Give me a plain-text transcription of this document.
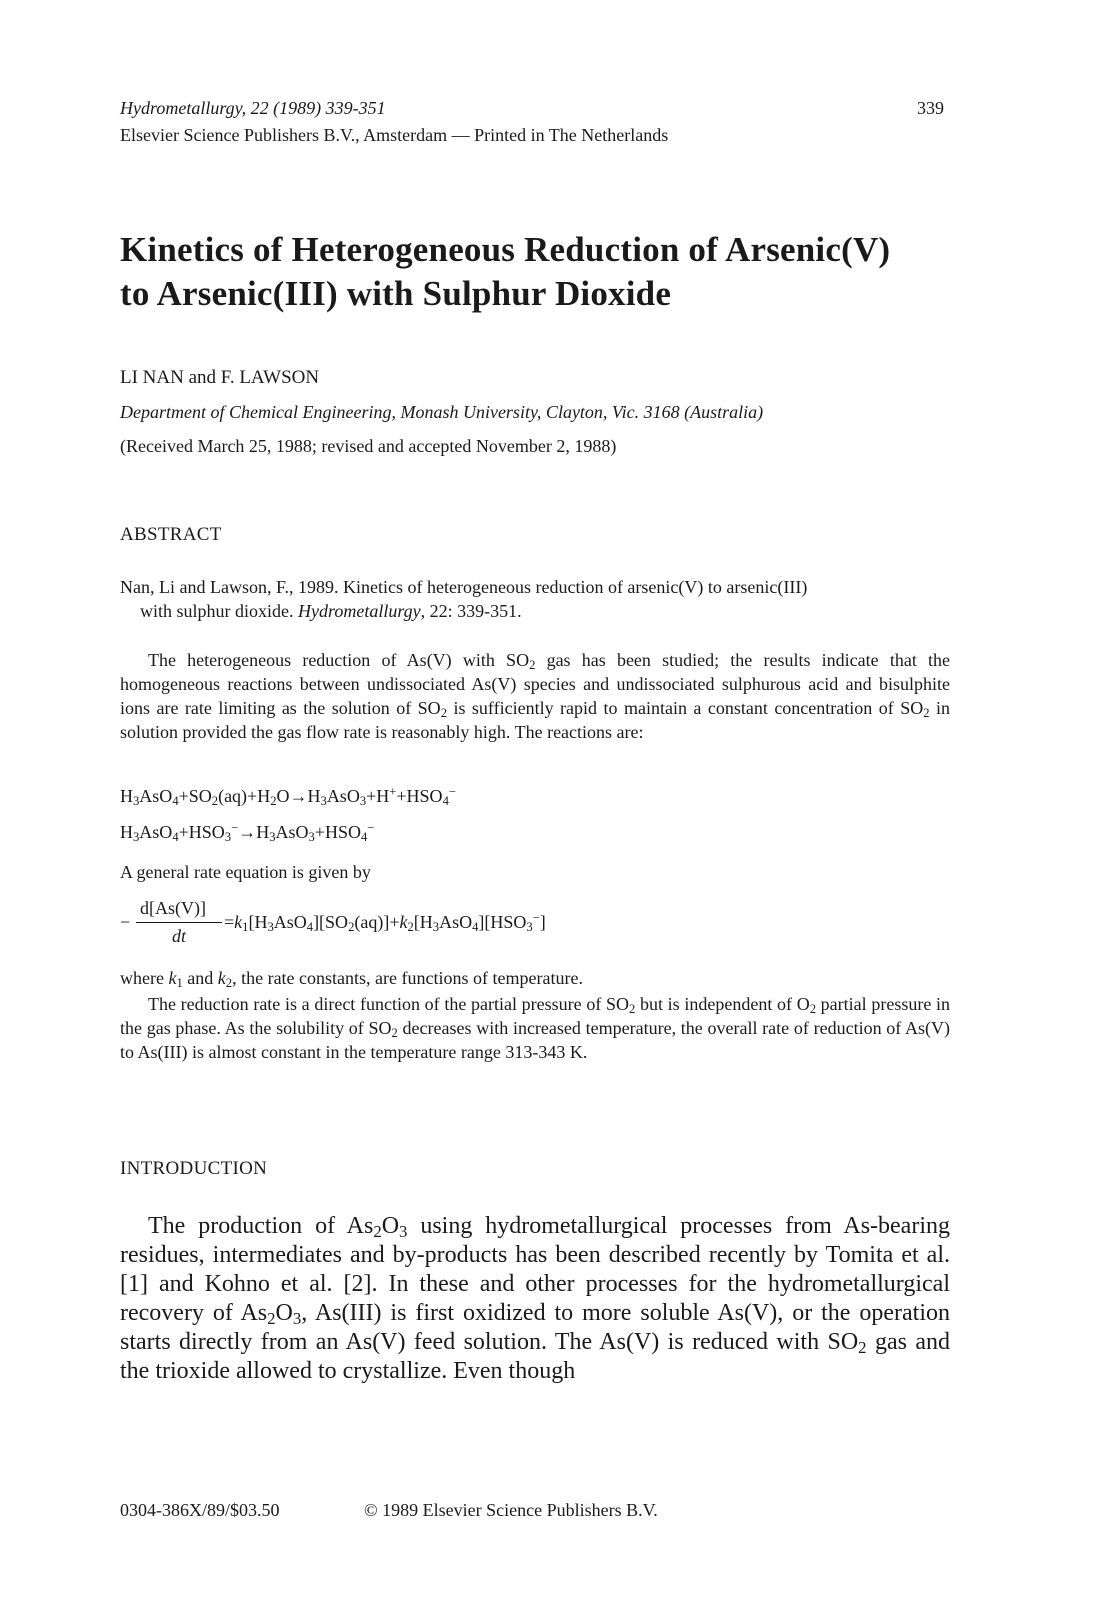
Hydrometallurgy, 22 (1989) 339-351
Elsevier Science Publishers B.V., Amsterdam — Printed in The Netherlands
339
Kinetics of Heterogeneous Reduction of Arsenic(V)
to Arsenic(III) with Sulphur Dioxide
LI NAN and F. LAWSON
Department of Chemical Engineering, Monash University, Clayton, Vic. 3168 (Australia)
(Received March 25, 1988; revised and accepted November 2, 1988)
ABSTRACT
Nan, Li and Lawson, F., 1989. Kinetics of heterogeneous reduction of arsenic(V) to arsenic(III)
with sulphur dioxide. Hydrometallurgy, 22: 339-351.

The heterogeneous reduction of As(V) with $SO_2$ gas has been studied; the results indicate that the homogeneous reactions between undissociated As(V) species and undissociated sulphurous acid and bisulphite ions are rate limiting as the solution of $SO_2$ is sufficiently rapid to maintain a constant concentration of $SO_2$ in solution provided the gas flow rate is reasonably high. The reactions are:

$H_3AsO_4+SO_2(aq)+H_2O\to H_3AsO_3+H^++HSO_4^-$
$H_3AsO_4+HSO_3^-\to H_3AsO_3+HSO_4^-$
A general rate equation is given by
−
d[As(V)]
dt
$=k_1[H_3AsO_4][SO_2(aq)]+k_2[H_3AsO_4][HSO_3^-]$
where $k_1$ and $k_2$, the rate constants, are functions of temperature.

The reduction rate is a direct function of the partial pressure of $SO_2$ but is independent of $O_2$ partial pressure in the gas phase. As the solubility of $SO_2$ decreases with increased temperature, the overall rate of reduction of As(V) to As(III) is almost constant in the temperature range 313-343 K.

INTRODUCTION

The production of $As_2O_3$ using hydrometallurgical processes from As-bearing residues, intermediates and by-products has been described recently by Tomita et al. [1] and Kohno et al. [2]. In these and other processes for the hydrometallurgical recovery of $As_2O_3$, As(III) is first oxidized to more soluble As(V), or the operation starts directly from an As(V) feed solution. The As(V) is reduced with $SO_2$ gas and the trioxide allowed to crystallize. Even though

0304-386X/89/$03.50	© 1989 Elsevier Science Publishers B.V.
